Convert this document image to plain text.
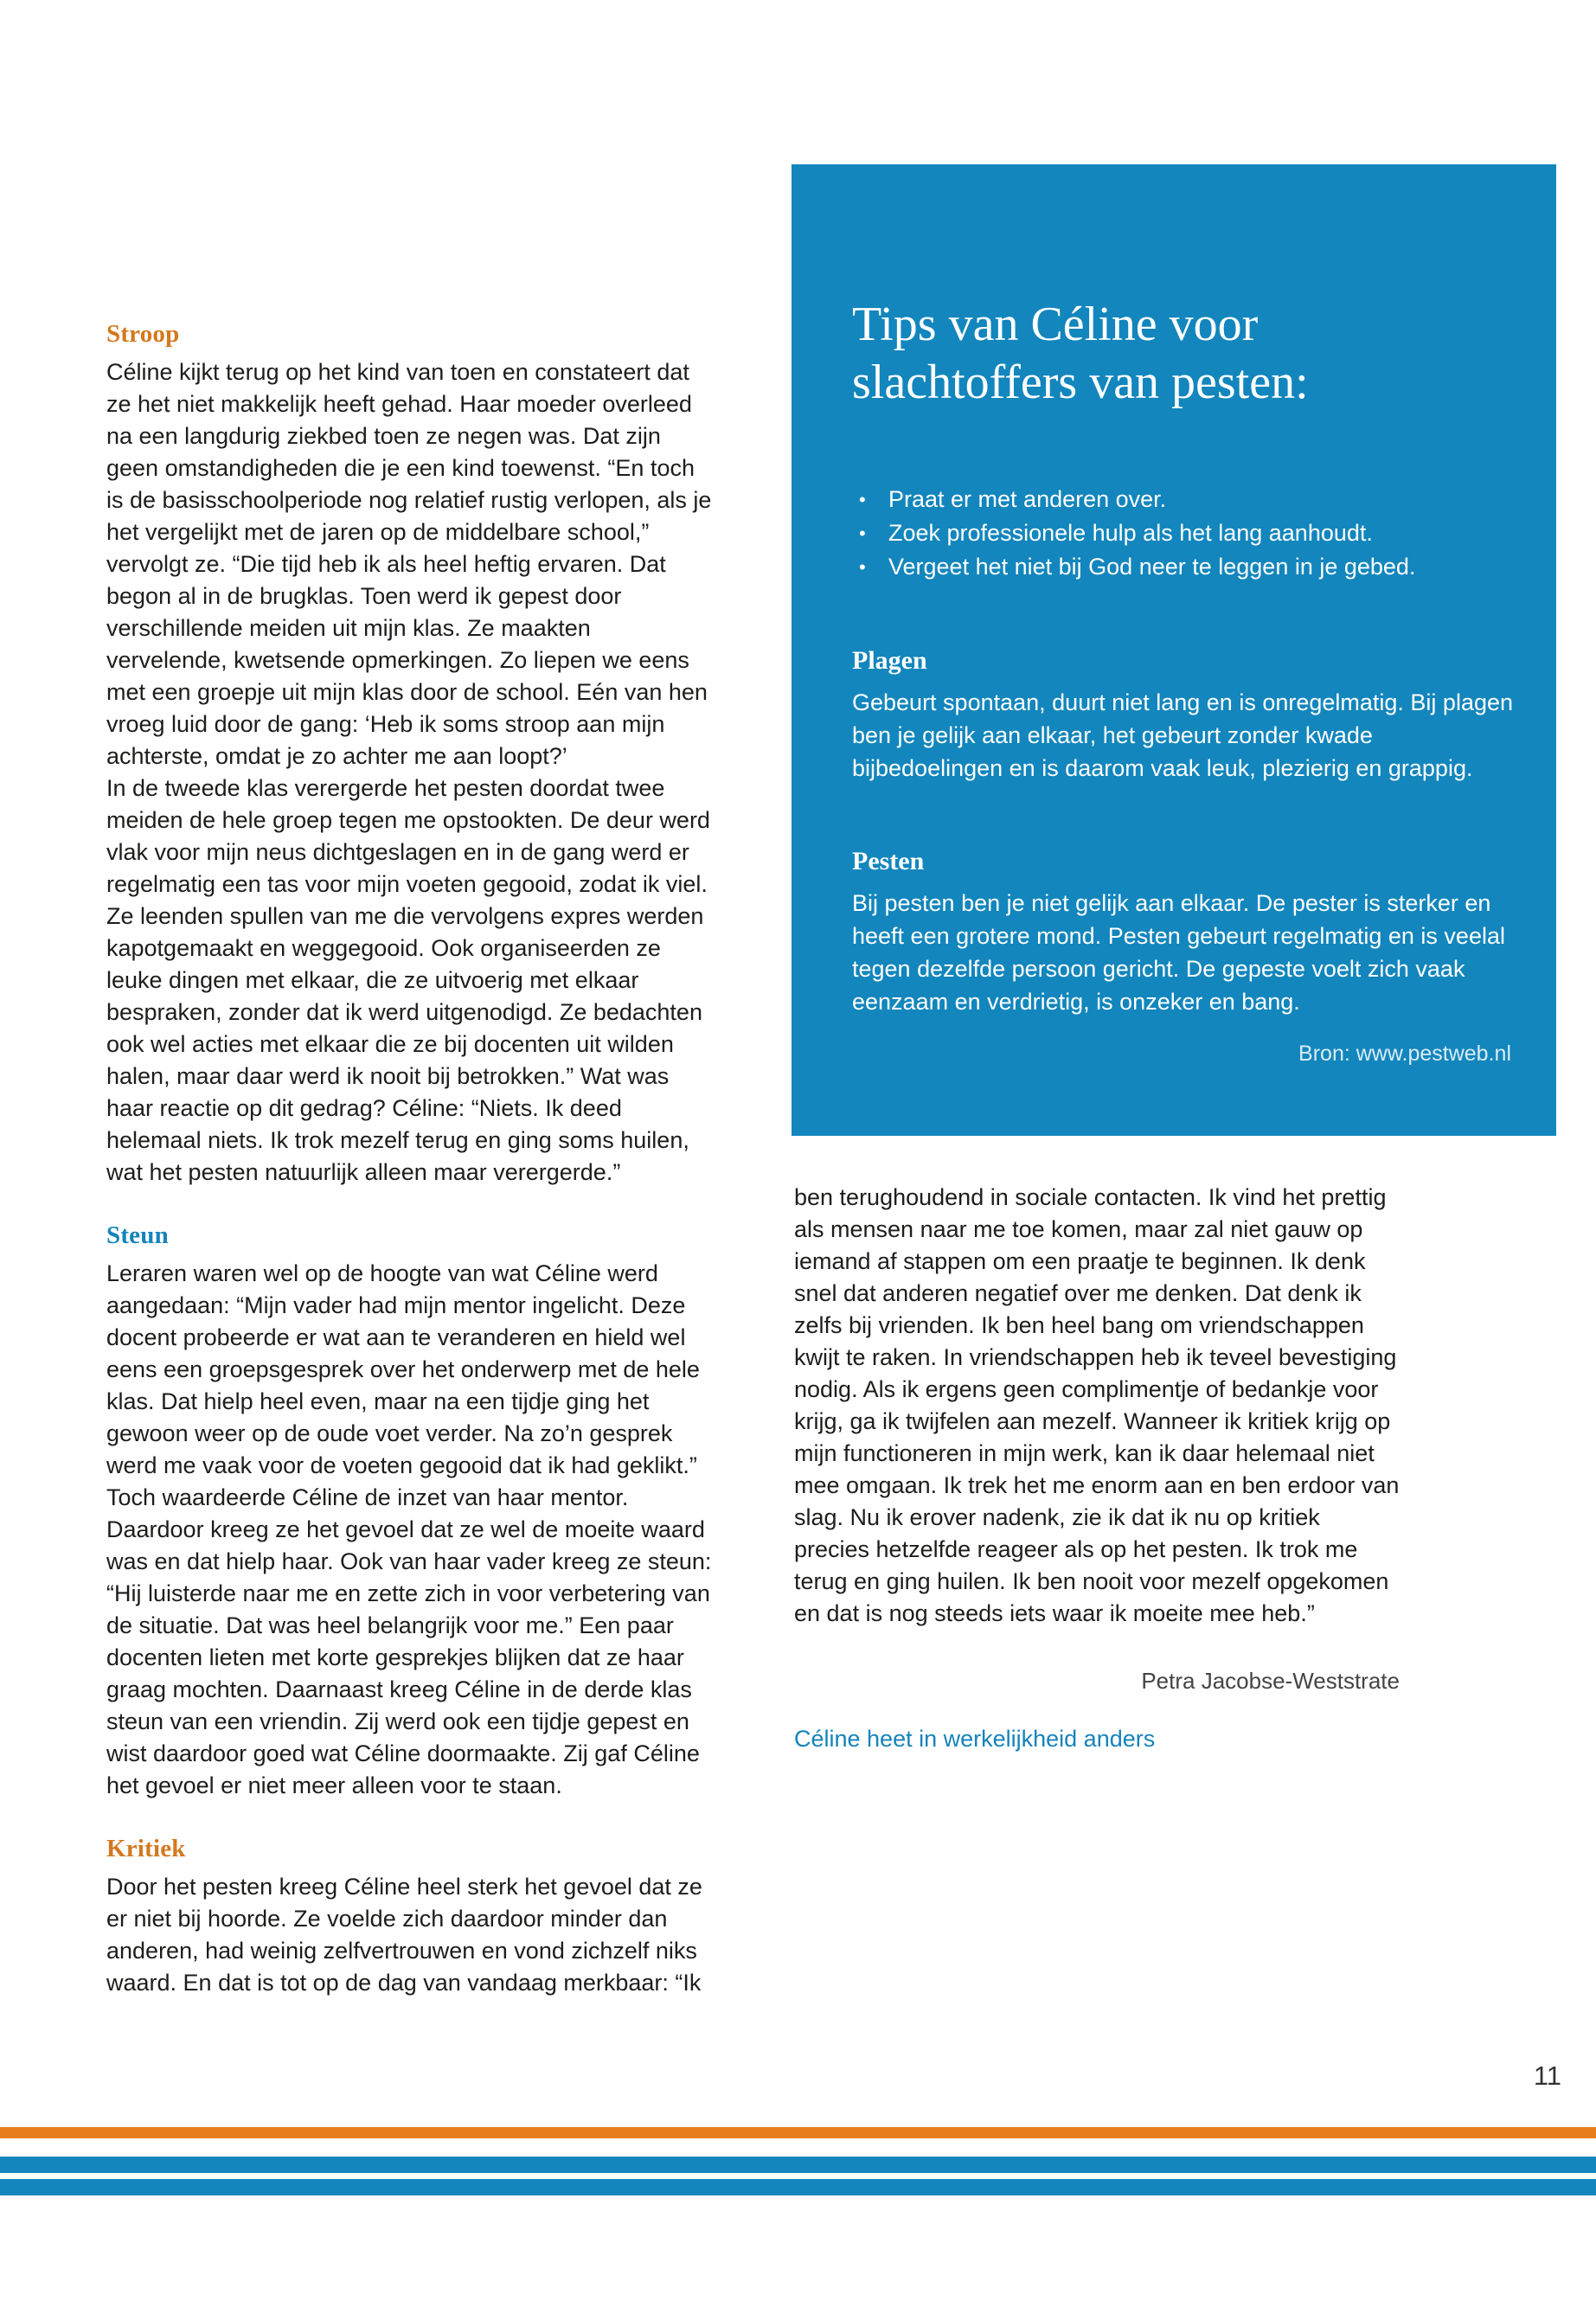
Stroop

Céline kijkt terug op het kind van toen en constateert dat ze het niet makkelijk heeft gehad. Haar moeder overleed na een langdurig ziekbed toen ze negen was. Dat zijn geen omstandigheden die je een kind toewenst. “En toch is de basisschoolperiode nog relatief rustig verlopen, als je het vergelijkt met de jaren op de middelbare school,” vervolgt ze. “Die tijd heb ik als heel heftig ervaren. Dat begon al in de brugklas. Toen werd ik gepest door verschillende meiden uit mijn klas. Ze maakten vervelende, kwetsende opmerkingen. Zo liepen we eens met een groepje uit mijn klas door de school. Eén van hen vroeg luid door de gang: ‘Heb ik soms stroop aan mijn achterste, omdat je zo achter me aan loopt?’

In de tweede klas verergerde het pesten doordat twee meiden de hele groep tegen me opstookten. De deur werd vlak voor mijn neus dichtgeslagen en in de gang werd er regelmatig een tas voor mijn voeten gegooid, zodat ik viel. Ze leenden spullen van me die vervolgens expres werden kapotgemaakt en weggegooid. Ook organiseerden ze leuke dingen met elkaar, die ze uitvoerig met elkaar bespraken, zonder dat ik werd uitgenodigd. Ze bedachten ook wel acties met elkaar die ze bij docenten uit wilden halen, maar daar werd ik nooit bij betrokken.” Wat was haar reactie op dit gedrag? Céline: “Niets. Ik deed helemaal niets. Ik trok mezelf terug en ging soms huilen, wat het pesten natuurlijk alleen maar verergerde.”

Steun

Leraren waren wel op de hoogte van wat Céline werd aangedaan: “Mijn vader had mijn mentor ingelicht. Deze docent probeerde er wat aan te veranderen en hield wel eens een groepsgesprek over het onderwerp met de hele klas. Dat hielp heel even, maar na een tijdje ging het gewoon weer op de oude voet verder. Na zo’n gesprek werd me vaak voor de voeten gegooid dat ik had geklikt.” Toch waardeerde Céline de inzet van haar mentor. Daardoor kreeg ze het gevoel dat ze wel de moeite waard was en dat hielp haar. Ook van haar vader kreeg ze steun: “Hij luisterde naar me en zette zich in voor verbetering van de situatie. Dat was heel belangrijk voor me.” Een paar docenten lieten met korte gesprekjes blijken dat ze haar graag mochten. Daarnaast kreeg Céline in de derde klas steun van een vriendin. Zij werd ook een tijdje gepest en wist daardoor goed wat Céline doormaakte. Zij gaf Céline het gevoel er niet meer alleen voor te staan.

Kritiek

Door het pesten kreeg Céline heel sterk het gevoel dat ze er niet bij hoorde. Ze voelde zich daardoor minder dan anderen, had weinig zelfvertrouwen en vond zichzelf niks waard. En dat is tot op de dag van vandaag merkbaar: “Ik

Tips van Céline voor
slachtoffers van pesten:
• Praat er met anderen over.
• Zoek professionele hulp als het lang aanhoudt.
• Vergeet het niet bij God neer te leggen in je gebed.
Plagen
Gebeurt spontaan, duurt niet lang en is onregelmatig. Bij plagen ben je gelijk aan elkaar, het gebeurt zonder kwade bijbedoelingen en is daarom vaak leuk, plezierig en grappig.
Pesten
Bij pesten ben je niet gelijk aan elkaar. De pester is sterker en heeft een grotere mond. Pesten gebeurt regelmatig en is veelal tegen dezelfde persoon gericht. De gepeste voelt zich vaak eenzaam en verdrietig, is onzeker en bang.
Bron: www.pestweb.nl

ben terughoudend in sociale contacten. Ik vind het prettig als mensen naar me toe komen, maar zal niet gauw op iemand af stappen om een praatje te beginnen. Ik denk snel dat anderen negatief over me denken. Dat denk ik zelfs bij vrienden. Ik ben heel bang om vriendschappen kwijt te raken. In vriendschappen heb ik teveel bevestiging nodig. Als ik ergens geen complimentje of bedankje voor krijg, ga ik twijfelen aan mezelf. Wanneer ik kritiek krijg op mijn functioneren in mijn werk, kan ik daar helemaal niet mee omgaan. Ik trek het me enorm aan en ben erdoor van slag. Nu ik erover nadenk, zie ik dat ik nu op kritiek precies hetzelfde reageer als op het pesten. Ik trok me terug en ging huilen. Ik ben nooit voor mezelf opgekomen en dat is nog steeds iets waar ik moeite mee heb.”

Petra Jacobse-Weststrate
Céline heet in werkelijkheid anders
11
